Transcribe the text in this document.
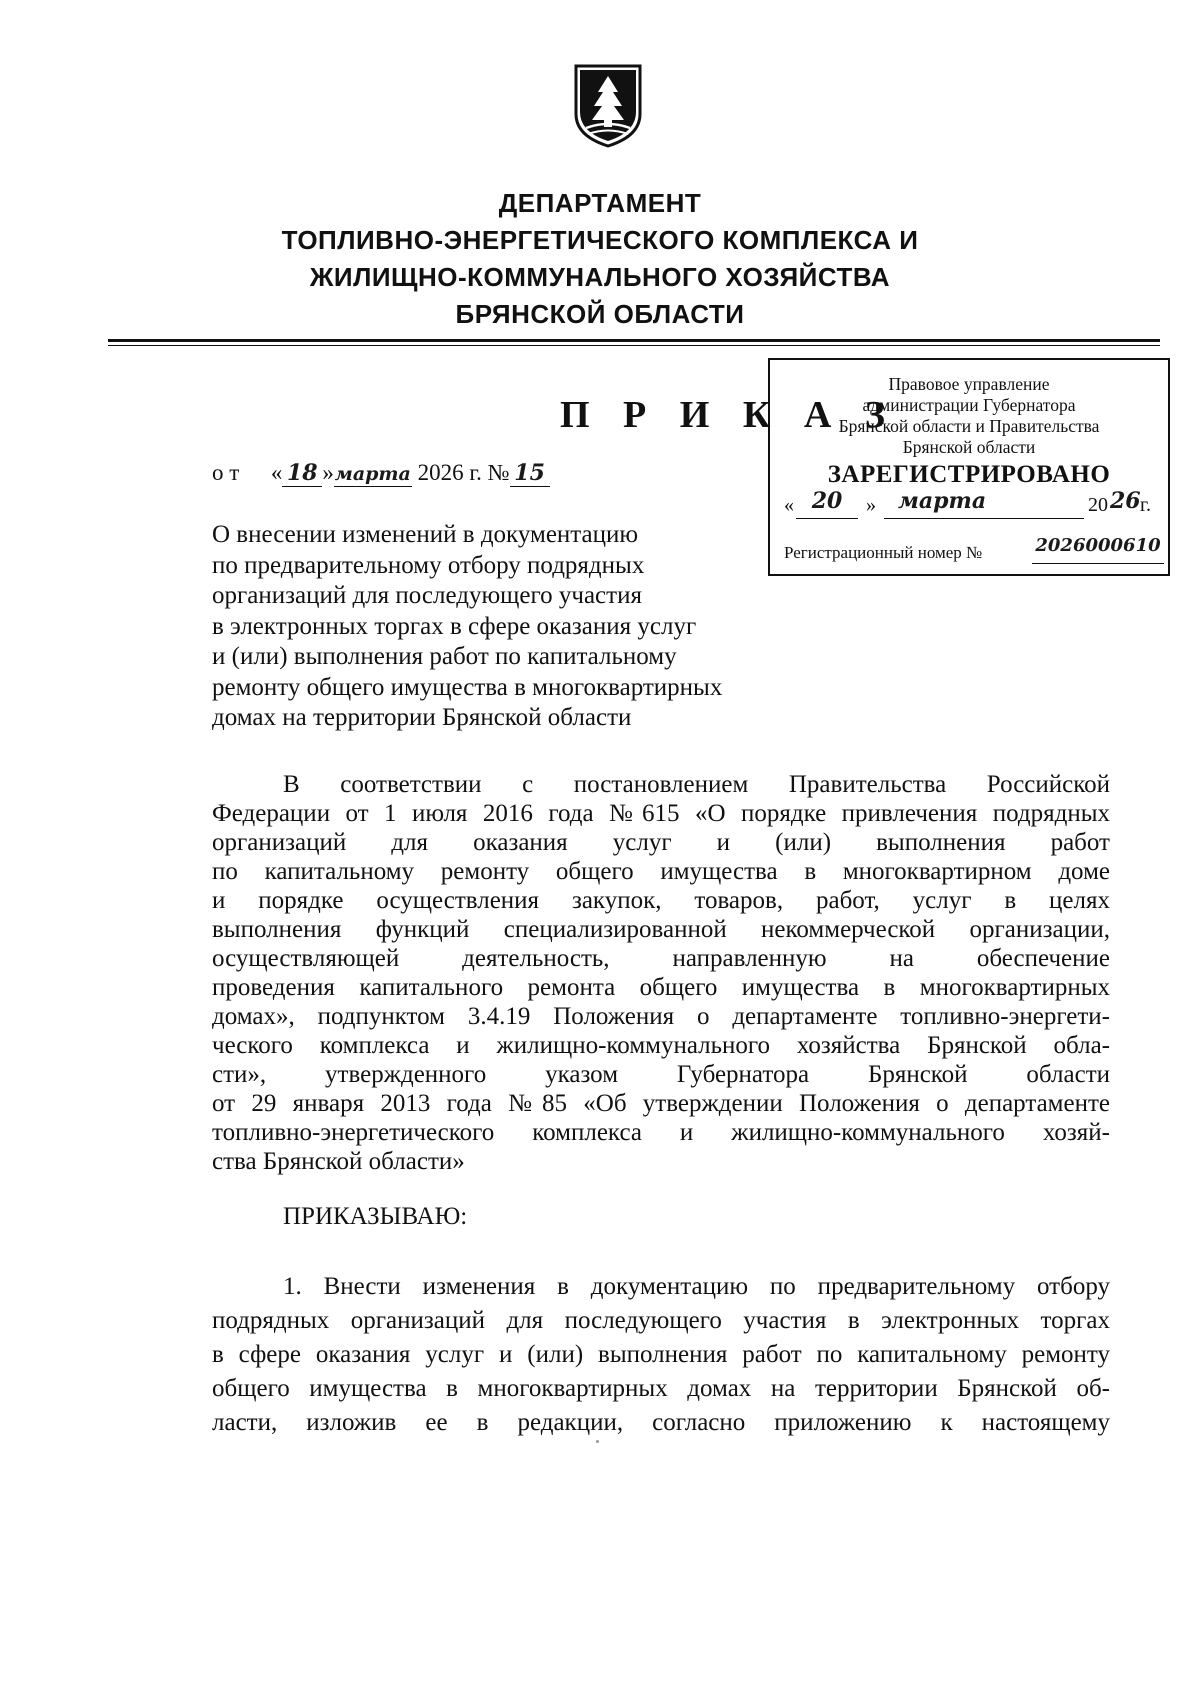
ДЕПАРТАМЕНТ
ТОПЛИВНО-ЭНЕРГЕТИЧЕСКОГО КОМПЛЕКСА И
ЖИЛИЩНО-КОММУНАЛЬНОГО ХОЗЯЙСТВА
БРЯНСКОЙ ОБЛАСТИ
П Р И К А З
Правовое управление
администрации Губернатора
Брянской области и Правительства
Брянской области
ЗАРЕГИСТРИРОВАНО
« 20	»	марта	20 26 г.
Регистрационный номер №	2026000610
о т « 18 »марта 2026 г. № 15
О внесении изменений в документацию
по предварительному отбору подрядных
организаций для последующего участия
в электронных торгах в сфере оказания услуг
и (или) выполнения работ по капитальному
ремонту общего имущества в многоквартирных
домах на территории Брянской области
В соответствии с постановлением Правительства Российской
Федерации от 1 июля 2016 года №615 «О порядке привлечения подрядных
организаций для оказания услуг и (или) выполнения работ
по капитальному ремонту общего имущества в многоквартирном доме
и порядке осуществления закупок, товаров, работ, услуг в целях
выполнения функций специализированной некоммерческой организации,
осуществляющей деятельность, направленную на обеспечение
проведения капитального ремонта общего имущества в многоквартирных
домах», подпунктом 3.4.19 Положения о департаменте топливно-энергети-
ческого комплекса и жилищно-коммунального хозяйства Брянской обла-
сти», утвержденного указом Губернатора Брянской области
от 29 января 2013 года №85 «Об утверждении Положения о департаменте
топливно-энергетического комплекса и жилищно-коммунального хозяй-
ства Брянской области»
ПРИКАЗЫВАЮ:
1. Внести изменения в документацию по предварительному отбору
подрядных организаций для последующего участия в электронных торгах
в сфере оказания услуг и (или) выполнения работ по капитальному ремонту
общего имущества в многоквартирных домах на территории Брянской об-
ласти, изложив ее в редакции, согласно приложению к настоящему
